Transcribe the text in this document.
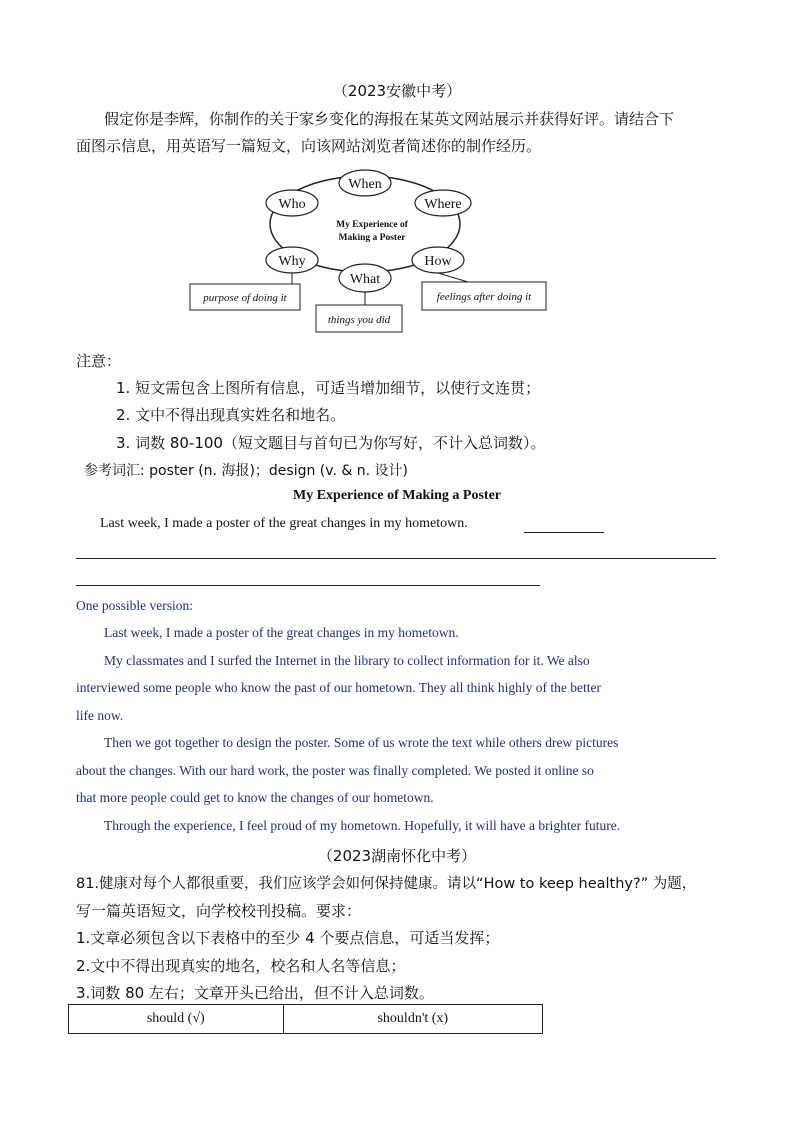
（2023安徽中考）
假定你是李辉，你制作的关于家乡变化的海报在某英文网站展示并获得好评。请结合下
面图示信息，用英语写一篇短文，向该网站浏览者简述你的制作经历。
When
Who	Where
Why	How
What
My Experience of
Making a Poster
purpose of doing it
things you did
feelings after doing it
注意：
1. 短文需包含上图所有信息，可适当增加细节，以使行文连贯；
2. 文中不得出现真实姓名和地名。
3. 词数 80-100（短文题目与首句已为你写好，不计入总词数）。
参考词汇: poster (n. 海报)；design (v. & n. 设计)
My Experience of Making a Poster
Last week, I made a poster of the great changes in my hometown.
One possible version:
Last week, I made a poster of the great changes in my hometown.
My classmates and I surfed the Internet in the library to collect information for it. We also
interviewed some people who know the past of our hometown. They all think highly of the better
life now.
Then we got together to design the poster. Some of us wrote the text while others drew pictures
about the changes. With our hard work, the poster was finally completed. We posted it online so
that more people could get to know the changes of our hometown.
Through the experience, I feel proud of my hometown. Hopefully, it will have a brighter future.
（2023湖南怀化中考）
81.健康对每个人都很重要，我们应该学会如何保持健康。请以“How to keep healthy?” 为题，
写一篇英语短文，向学校校刊投稿。要求：
1.文章必须包含以下表格中的至少 4 个要点信息，可适当发挥；
2.文中不得出现真实的地名，校名和人名等信息；
3.词数 80 左右；文章开头已给出，但不计入总词数。
should (√)	shouldn't (x)
